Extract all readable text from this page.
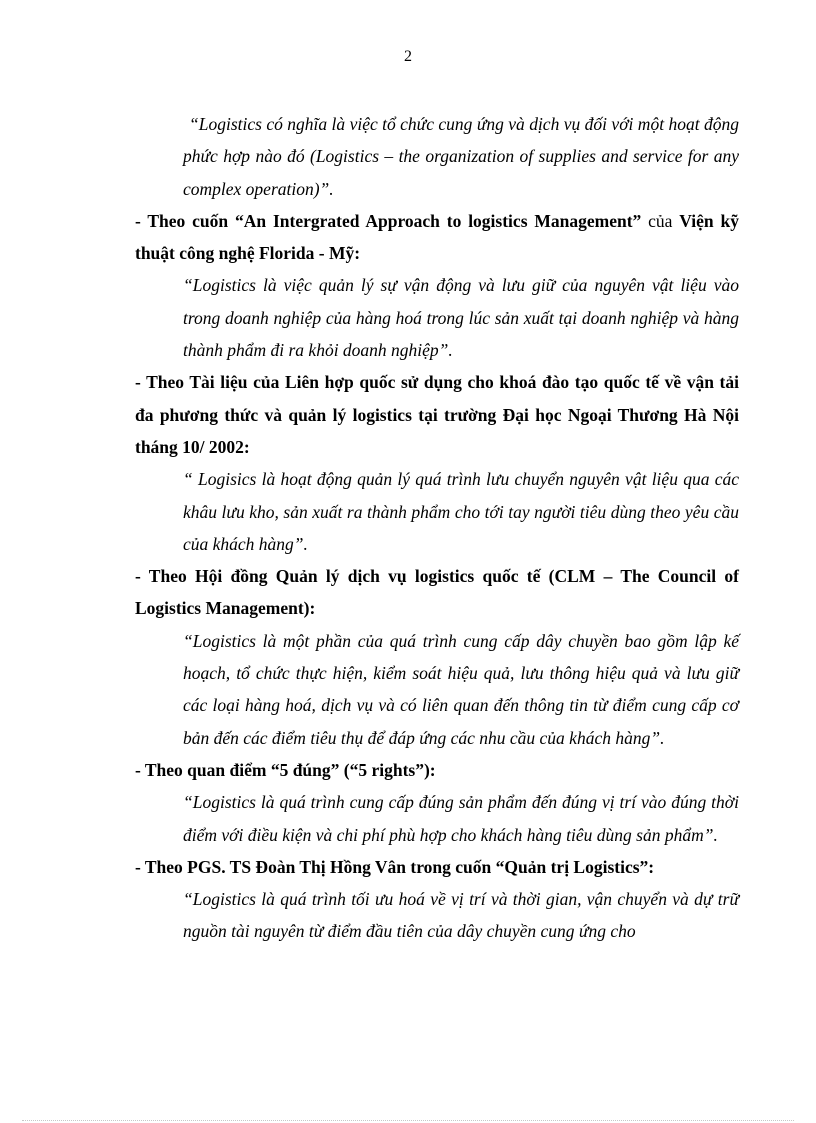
2

“Logistics có nghĩa là việc tổ chức cung ứng và dịch vụ đối với một hoạt động phức hợp nào đó (Logistics – the organization of supplies and service for any complex operation)”.

- Theo cuốn “An Intergrated Approach to logistics Management” của Viện kỹ thuật công nghệ Florida - Mỹ:

“Logistics là việc quản lý sự vận động và lưu giữ của nguyên vật liệu vào trong doanh nghiệp của hàng hoá trong lúc sản xuất tại doanh nghiệp và hàng thành phẩm đi ra khỏi doanh nghiệp”.

- Theo Tài liệu của Liên hợp quốc sử dụng cho khoá đào tạo quốc tế về vận tải đa phương thức và quản lý logistics tại trường Đại học Ngoại Thương Hà Nội tháng 10/ 2002:

“ Logisics là hoạt động quản lý quá trình lưu chuyển nguyên vật liệu qua các khâu lưu kho, sản xuất ra thành phẩm cho tới tay người tiêu dùng theo yêu cầu của khách hàng”.

- Theo Hội đồng Quản lý dịch vụ logistics quốc tế (CLM – The Council of Logistics Management):

“Logistics là một phần của quá trình cung cấp dây chuyền bao gồm lập kế hoạch, tổ chức thực hiện, kiểm soát hiệu quả, lưu thông hiệu quả và lưu giữ các loại hàng hoá, dịch vụ và có liên quan đến thông tin từ điểm cung cấp cơ bản đến các điểm tiêu thụ để đáp ứng các nhu cầu của khách hàng”.

- Theo quan điểm “5 đúng” (“5 rights”):

“Logistics là quá trình cung cấp đúng sản phẩm đến đúng vị trí vào đúng thời điểm với điều kiện và chi phí phù hợp cho khách hàng tiêu dùng sản phẩm”.

- Theo PGS. TS Đoàn Thị Hồng Vân trong cuốn “Quản trị Logistics”:

“Logistics là quá trình tối ưu hoá về vị trí và thời gian, vận chuyển và dự trữ nguồn tài nguyên từ điểm đầu tiên của dây chuyền cung ứng cho
